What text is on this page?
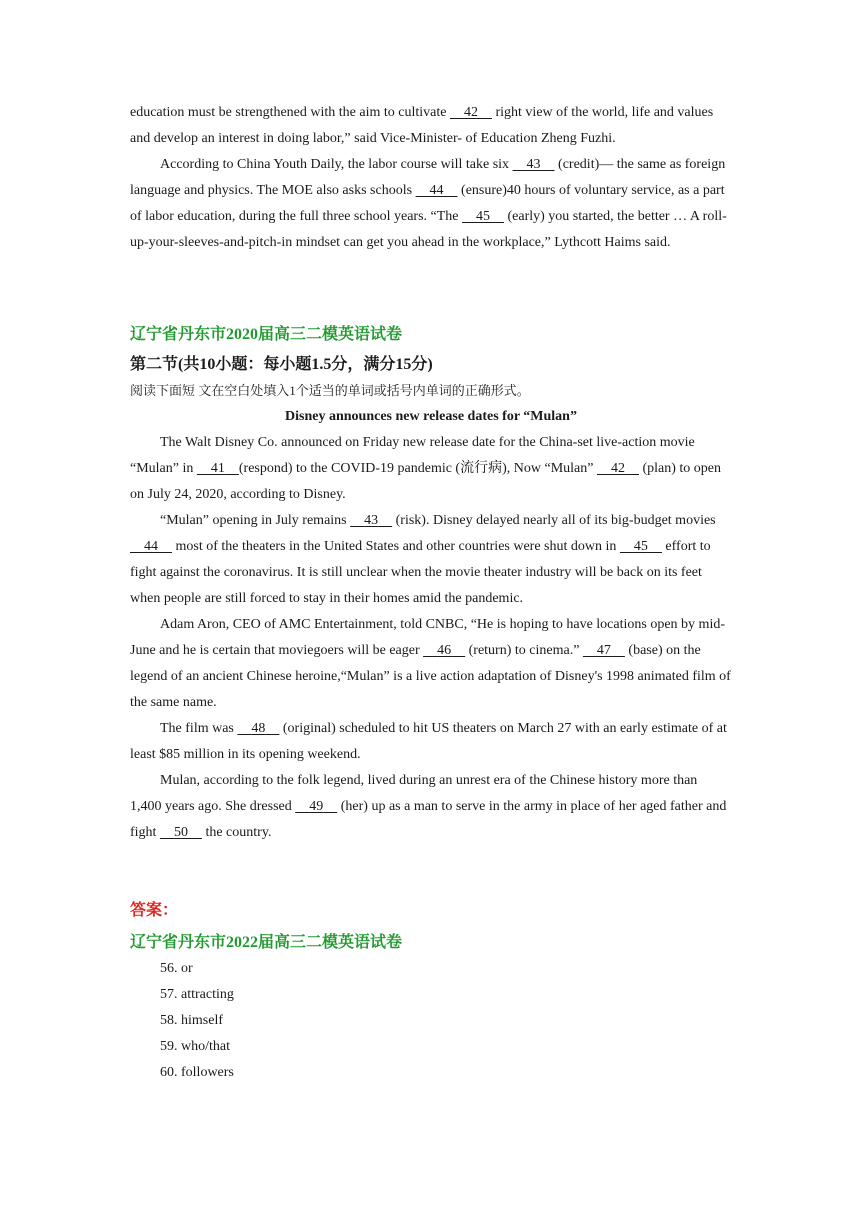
education must be strengthened with the aim to cultivate     42     right view of the world, life and values and develop an interest in doing labor,” said Vice-Minister- of Education Zheng Fuzhi.

According to China Youth Daily, the labor course will take six     43     (credit)— the same as foreign language and physics. The MOE also asks schools     44     (ensure)40 hours of voluntary service, as a part of labor education, during the full three school years. “The     45     (early) you started, the better … A roll-up-your-sleeves-and-pitch-in mindset can get you ahead in the workplace,” Lythcott Haims said.

辽宁省丹东市2020届高三二模英语试卷

第二节(共10小题：每小题1.5分，满分15分)

阅读下面短 文在空白处填入1个适当的单词或括号内单词的正确形式。

Disney announces new release dates for “Mulan”

The Walt Disney Co. announced on Friday new release date for the China-set live-action movie “Mulan” in     41 (respond) to the COVID-19 pandemic (流行病), Now “Mulan”     42     (plan) to open on July 24, 2020, according to Disney.

“Mulan” opening in July remains     43     (risk). Disney delayed nearly all of its big-budget movies     44     most of the theaters in the United States and other countries were shut down in     45     effort to fight against the coronavirus. It is still unclear when the movie theater industry will be back on its feet when people are still forced to stay in their homes amid the pandemic.

Adam Aron, CEO of AMC Entertainment, told CNBC, “He is hoping to have locations open by mid-June and he is certain that moviegoers will be eager     46     (return) to cinema.”     47     (base) on the legend of an ancient Chinese heroine,“Mulan” is a live action adaptation of Disney's 1998 animated film of the same name.

The film was     48     (original) scheduled to hit US theaters on March 27 with an early estimate of at least $85 million in its opening weekend.

Mulan, according to the folk legend, lived during an unrest era of the Chinese history more than 1,400 years ago. She dressed     49     (her) up as a man to serve in the army in place of her aged father and fight     50     the country.

答案：

辽宁省丹东市2022届高三二模英语试卷

56. or

57. attracting

58. himself

59. who/that

60. followers
